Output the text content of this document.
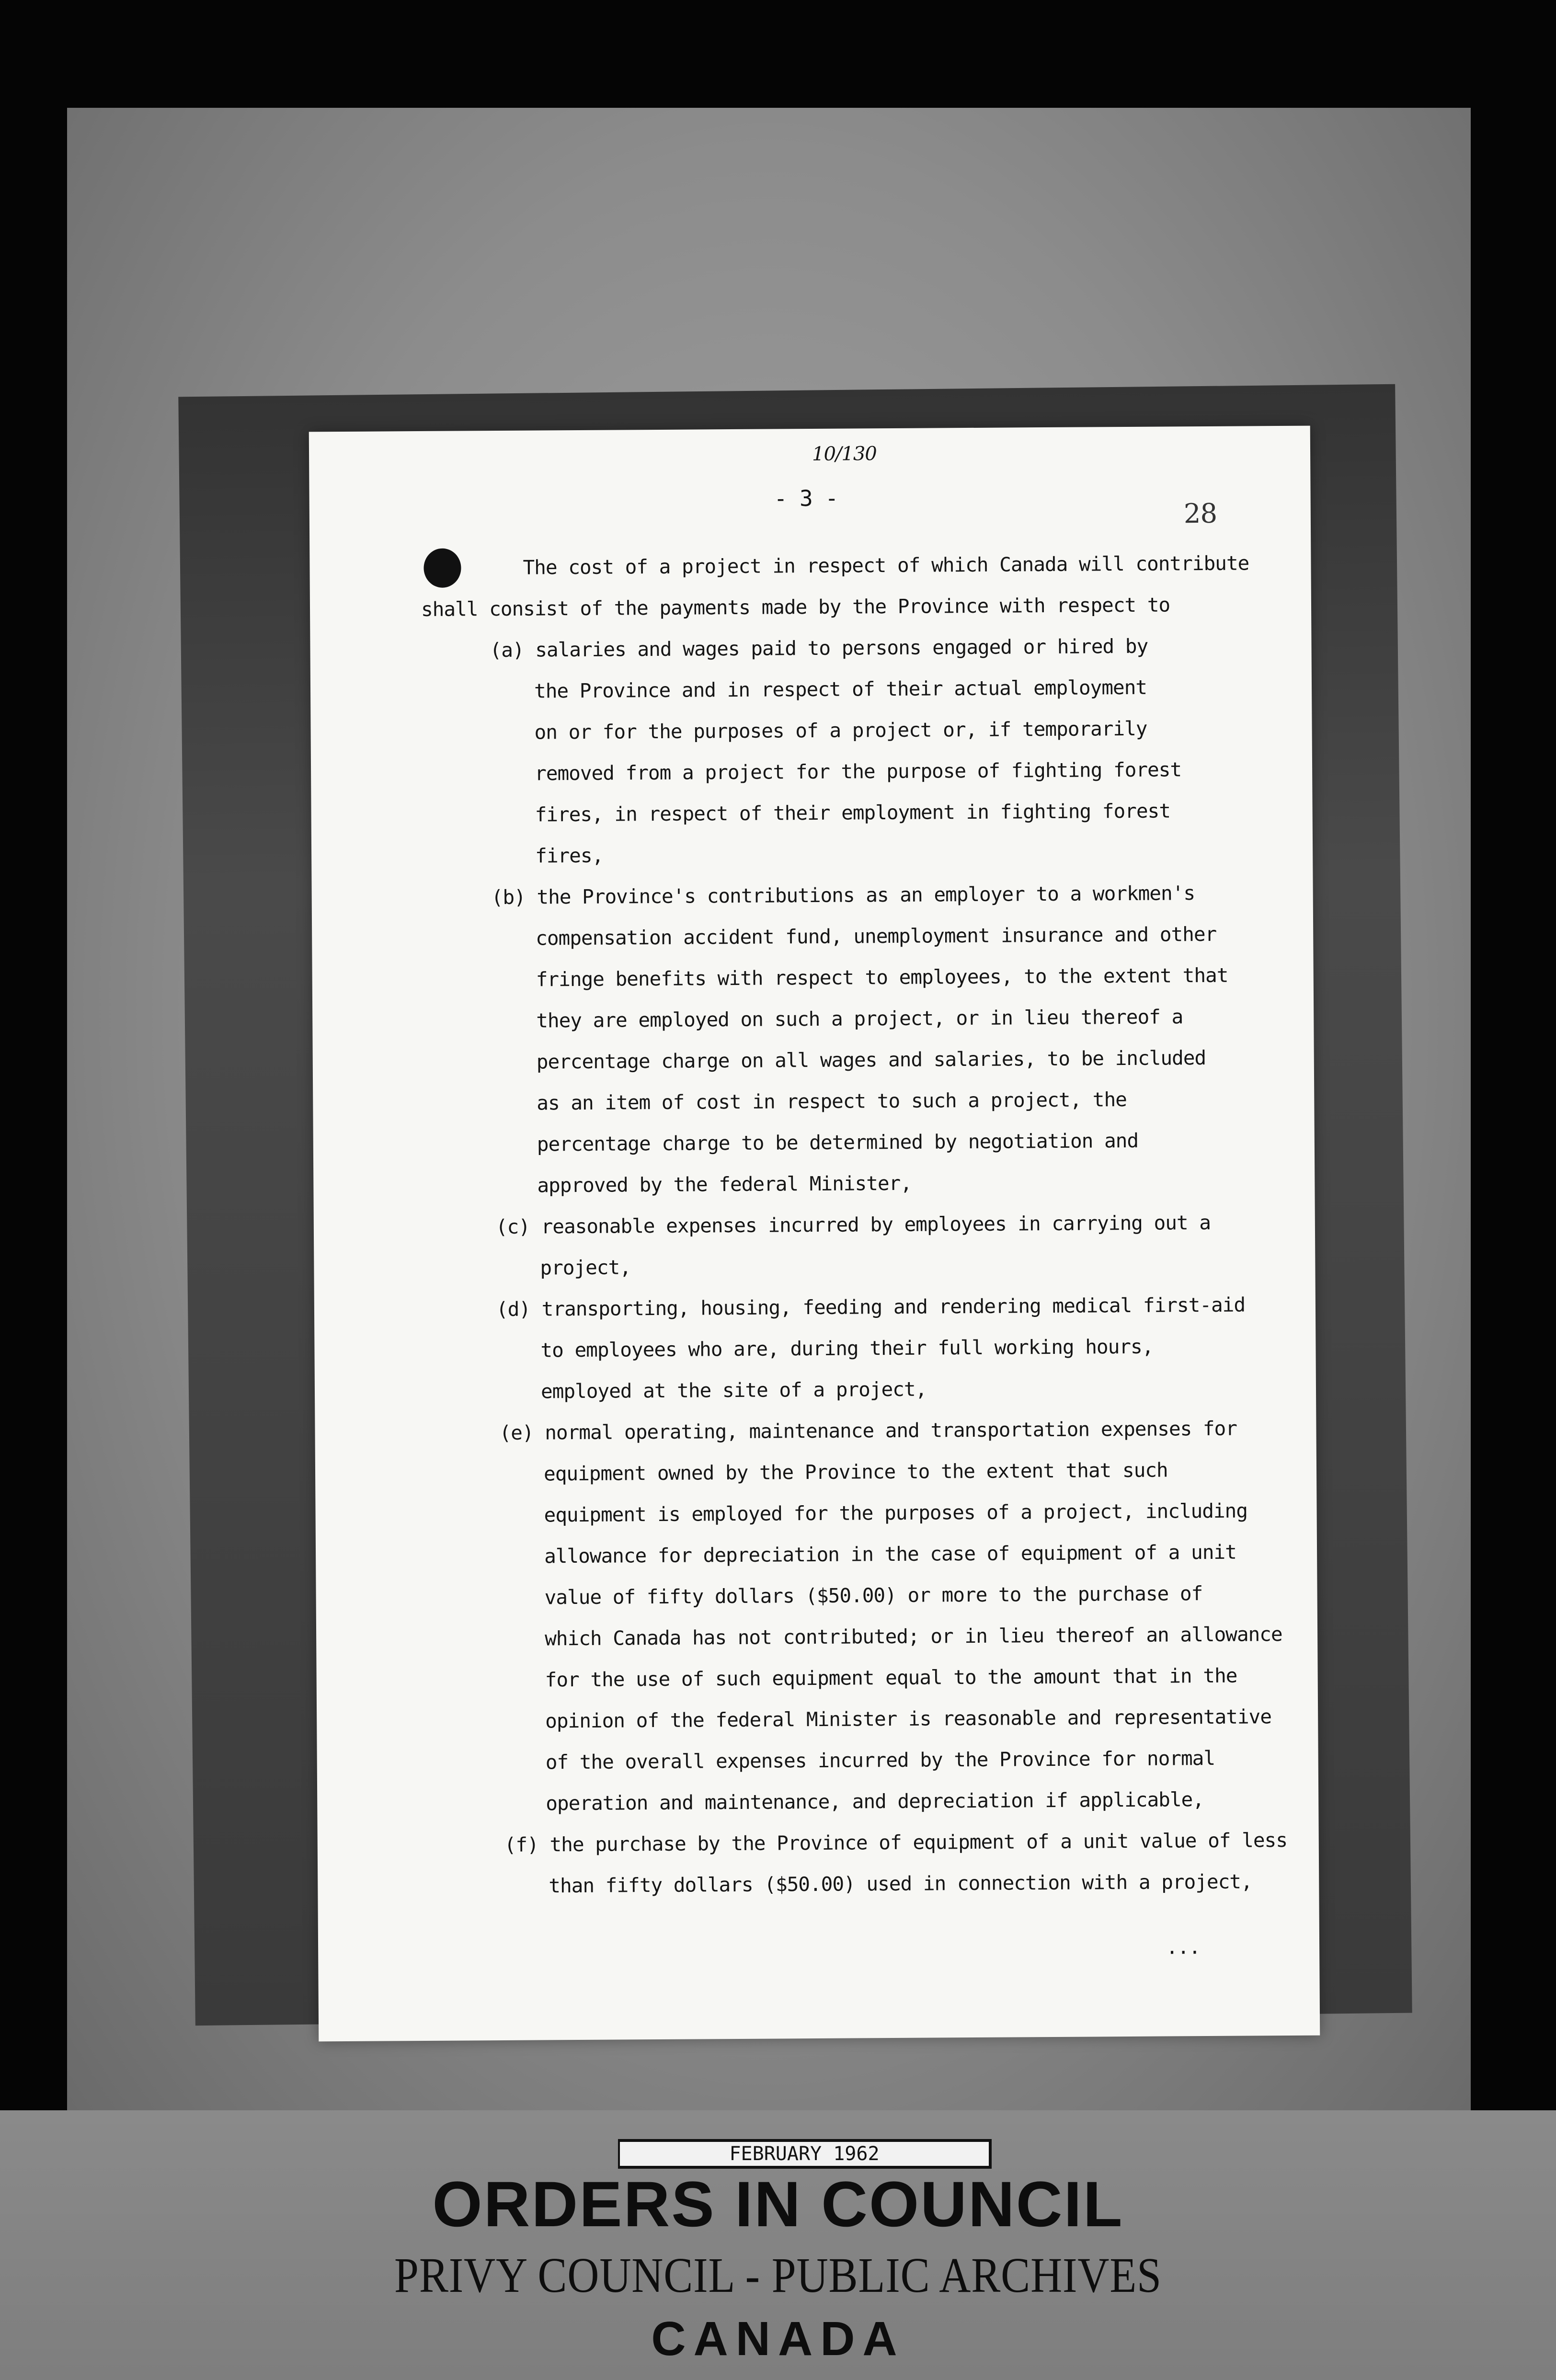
10/130
- 3 -	28
The cost of a project in respect of which Canada will contribute
shall consist of the payments made by the Province with respect to
(a) salaries and wages paid to persons engaged or hired by
the Province and in respect of their actual employment
on or for the purposes of a project or, if temporarily
removed from a project for the purpose of fighting forest
fires, in respect of their employment in fighting forest
fires,
(b) the Province's contributions as an employer to a workmen's
compensation accident fund, unemployment insurance and other
fringe benefits with respect to employees, to the extent that
they are employed on such a project, or in lieu thereof a
percentage charge on all wages and salaries, to be included
as an item of cost in respect to such a project, the
percentage charge to be determined by negotiation and
approved by the federal Minister,
(c) reasonable expenses incurred by employees in carrying out a
project,
(d) transporting, housing, feeding and rendering medical first-aid
to employees who are, during their full working hours,
employed at the site of a project,
(e) normal operating, maintenance and transportation expenses for
equipment owned by the Province to the extent that such
equipment is employed for the purposes of a project, including
allowance for depreciation in the case of equipment of a unit
value of fifty dollars ($50.00) or more to the purchase of
which Canada has not contributed; or in lieu thereof an allowance
for the use of such equipment equal to the amount that in the
opinion of the federal Minister is reasonable and representative
of the overall expenses incurred by the Province for normal
operation and maintenance, and depreciation if applicable,
(f) the purchase by the Province of equipment of a unit value of less
than fifty dollars ($50.00) used in connection with a project,
...
FEBRUARY 1962
ORDERS IN COUNCIL
PRIVY COUNCIL - PUBLIC ARCHIVES
CANADA
